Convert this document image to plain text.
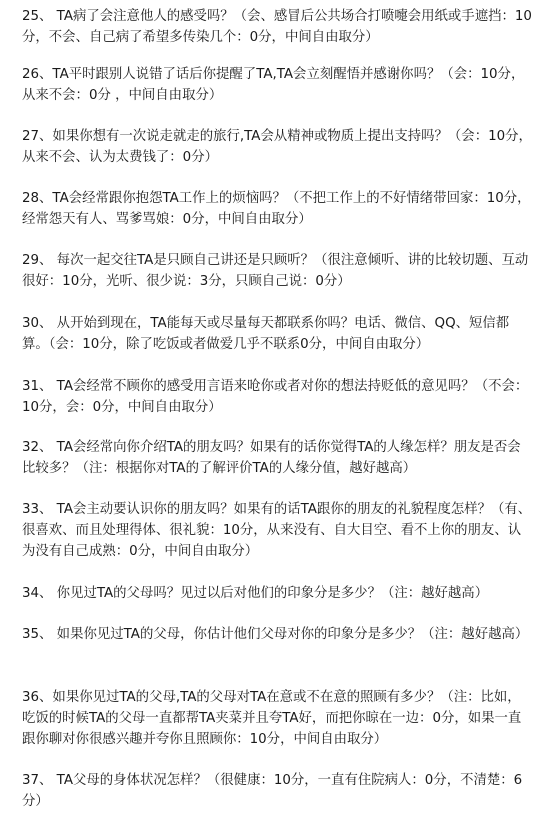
25、 TA病了会注意他人的感受吗？（会、感冒后公共场合打喷嚏会用纸或手遮挡：10分，不会、自己病了希望多传染几个：0分，中间自由取分）

26、TA平时跟别人说错了话后你提醒了TA,TA会立刻醒悟并感谢你吗？（会：10分，从来不会：0分 ，中间自由取分）

27、如果你想有一次说走就走的旅行,TA会从精神或物质上提出支持吗？（会：10分，从来不会、认为太费钱了：0分）

28、TA会经常跟你抱怨TA工作上的烦恼吗？（不把工作上的不好情绪带回家：10分，经常怨天有人、骂爹骂娘：0分，中间自由取分）

29、 每次一起交往TA是只顾自己讲还是只顾听？（很注意倾听、讲的比较切题、互动很好：10分，光听、很少说：3分，只顾自己说：0分）

30、 从开始到现在，TA能每天或尽量每天都联系你吗？电话、微信、QQ、短信都算。（会：10分，除了吃饭或者做爱几乎不联系0分，中间自由取分）

31、 TA会经常不顾你的感受用言语来呛你或者对你的想法持贬低的意见吗？（不会：10分，会：0分，中间自由取分）

32、 TA会经常向你介绍TA的朋友吗？如果有的话你觉得TA的人缘怎样？朋友是否会比较多？（注：根据你对TA的了解评价TA的人缘分值，越好越高）

33、 TA会主动要认识你的朋友吗？如果有的话TA跟你的朋友的礼貌程度怎样？（有、很喜欢、而且处理得体、很礼貌：10分，从来没有、自大目空、看不上你的朋友、认为没有自己成熟：0分，中间自由取分）

34、 你见过TA的父母吗？见过以后对他们的印象分是多少？（注：越好越高）

35、 如果你见过TA的父母，你估计他们父母对你的印象分是多少？（注：越好越高）

36、如果你见过TA的父母,TA的父母对TA在意或不在意的照顾有多少？（注：比如，吃饭的时候TA的父母一直都帮TA夹菜并且夸TA好，而把你晾在一边：0分，如果一直跟你聊对你很感兴趣并夸你且照顾你：10分，中间自由取分）

37、 TA父母的身体状况怎样？（很健康：10分，一直有住院病人：0分，不清楚：6分）
